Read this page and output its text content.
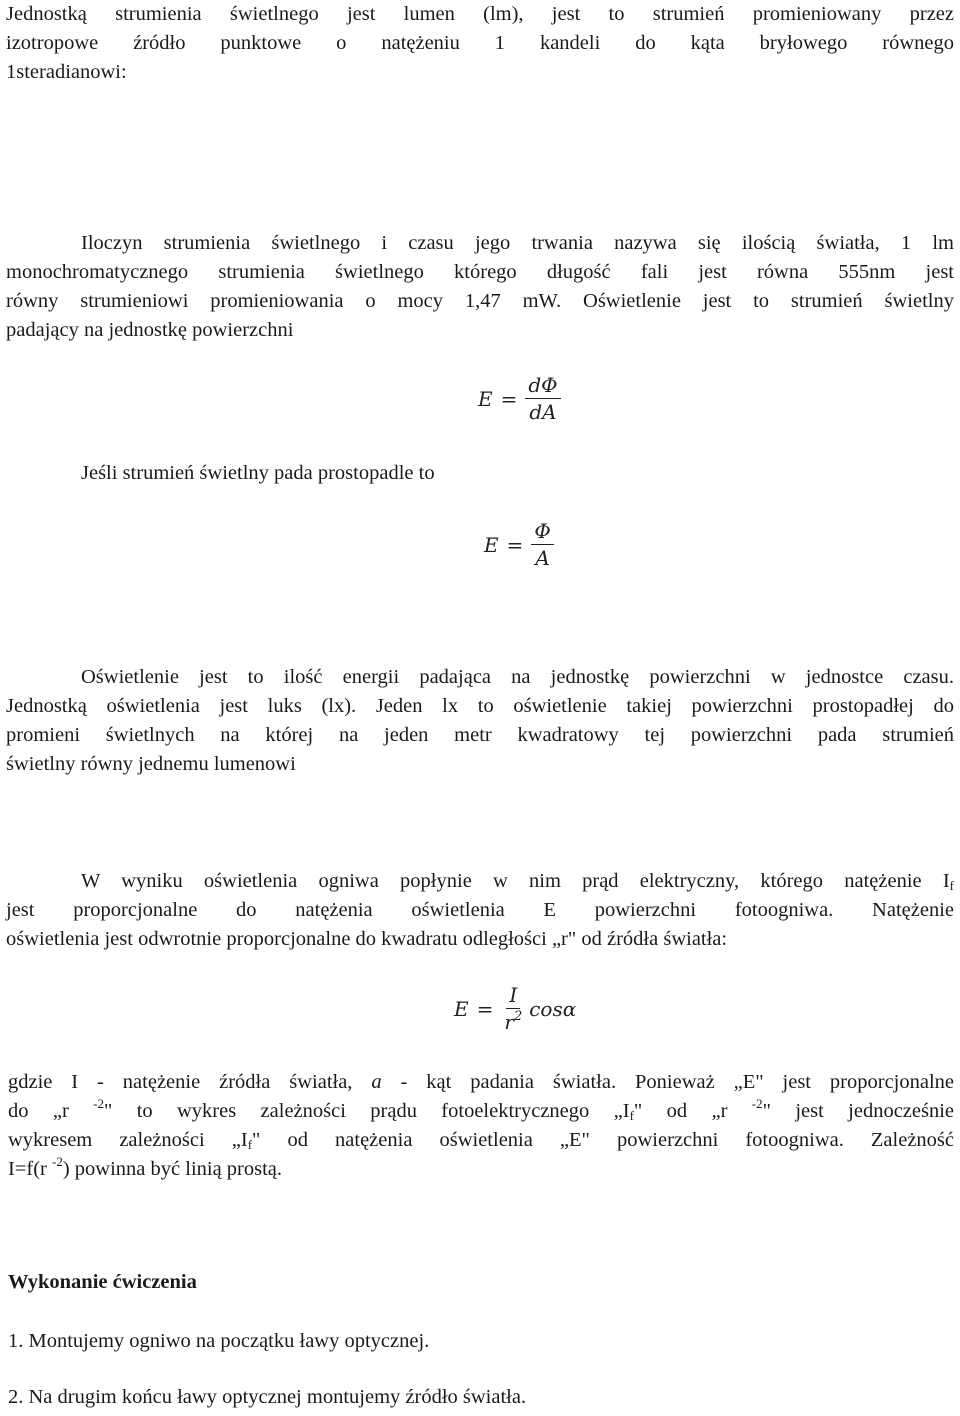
Jednostką strumienia świetlnego jest lumen (lm), jest to strumień promieniowany przez
izotropowe źródło punktowe o natężeniu 1 kandeli do kąta bryłowego równego
1steradianowi:
Iloczyn strumienia świetlnego i czasu jego trwania nazywa się ilością światła, 1 lm
monochromatycznego strumienia świetlnego którego długość fali jest równa 555nm jest
równy strumieniowi promieniowania o mocy 1,47 mW. Oświetlenie jest to strumień świetlny
padający na jednostkę powierzchni
$E = \frac{d\Phi}{dA}$
Jeśli strumień świetlny pada prostopadle to
$E = \frac{\Phi}{A}$
Oświetlenie jest to ilość energii padająca na jednostkę powierzchni w jednostce czasu.
Jednostką oświetlenia jest luks (lx). Jeden lx to oświetlenie takiej powierzchni prostopadłej do
promieni świetlnych na której na jeden metr kwadratowy tej powierzchni pada strumień
świetlny równy jednemu lumenowi
W wyniku oświetlenia ogniwa popłynie w nim prąd elektryczny, którego natężenie $I_f$
jest proporcjonalne do natężenia oświetlenia E powierzchni fotoogniwa. Natężenie
oświetlenia jest odwrotnie proporcjonalne do kwadratu odległości „r" od źródła światła:
$E = \frac{I}{r^2}$ cosα
gdzie I - natężenie źródła światła, a - kąt padania światła. Ponieważ „E" jest proporcjonalne
do „r $^{-2}$" to wykres zależności prądu fotoelektrycznego $„I_f$" od „r $^{-2}$" jest jednocześnie
wykresem zależności $„I_f$" od natężenia oświetlenia „E" powierzchni fotoogniwa. Zależność
I=f(r $^{-2}$) powinna być linią prostą.
Wykonanie ćwiczenia
1. Montujemy ogniwo na początku ławy optycznej.
2. Na drugim końcu ławy optycznej montujemy źródło światła.
